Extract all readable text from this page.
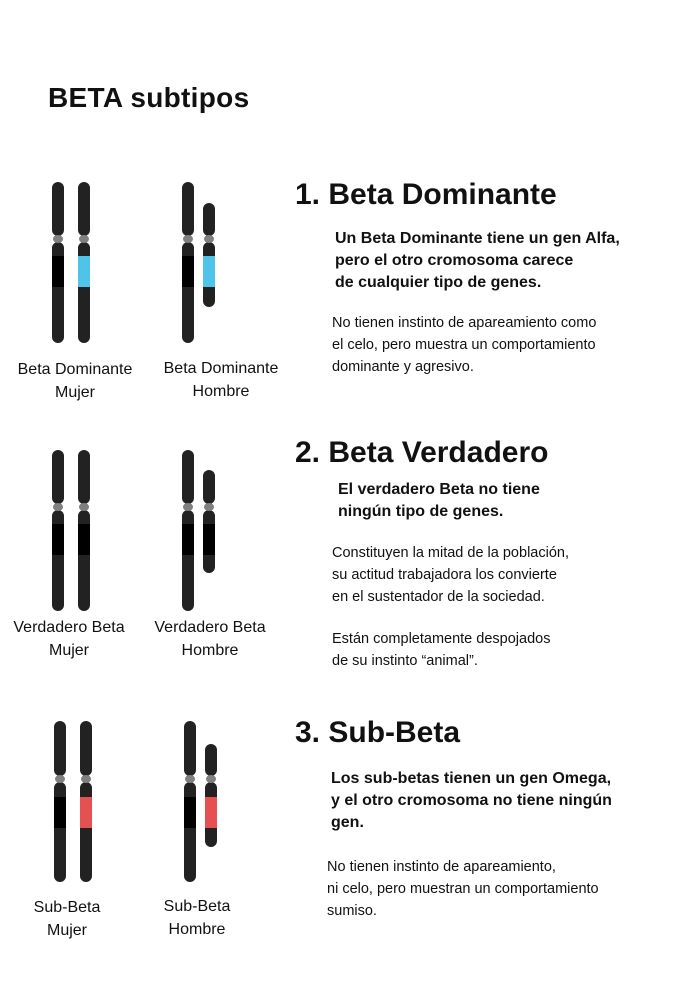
BETA subtipos
1. Beta Dominante
Un Beta Dominante tiene un gen Alfa,
pero el otro cromosoma carece
de cualquier tipo de genes.
No tienen instinto de apareamiento como
el celo, pero muestra un comportamiento
dominante y agresivo.
Beta Dominante
Mujer
Beta Dominante
Hombre
2. Beta Verdadero
El verdadero Beta no tiene
ningún tipo de genes.
Constituyen la mitad de la población,
su actitud trabajadora los convierte
en el sustentador de la sociedad.
Están completamente despojados
de su instinto “animal”.
Verdadero Beta
Mujer
Verdadero Beta
Hombre
3. Sub-Beta
Los sub-betas tienen un gen Omega,
y el otro cromosoma no tiene ningún
gen.
No tienen instinto de apareamiento,
ni celo, pero muestran un comportamiento
sumiso.
Sub-Beta
Mujer
Sub-Beta
Hombre
